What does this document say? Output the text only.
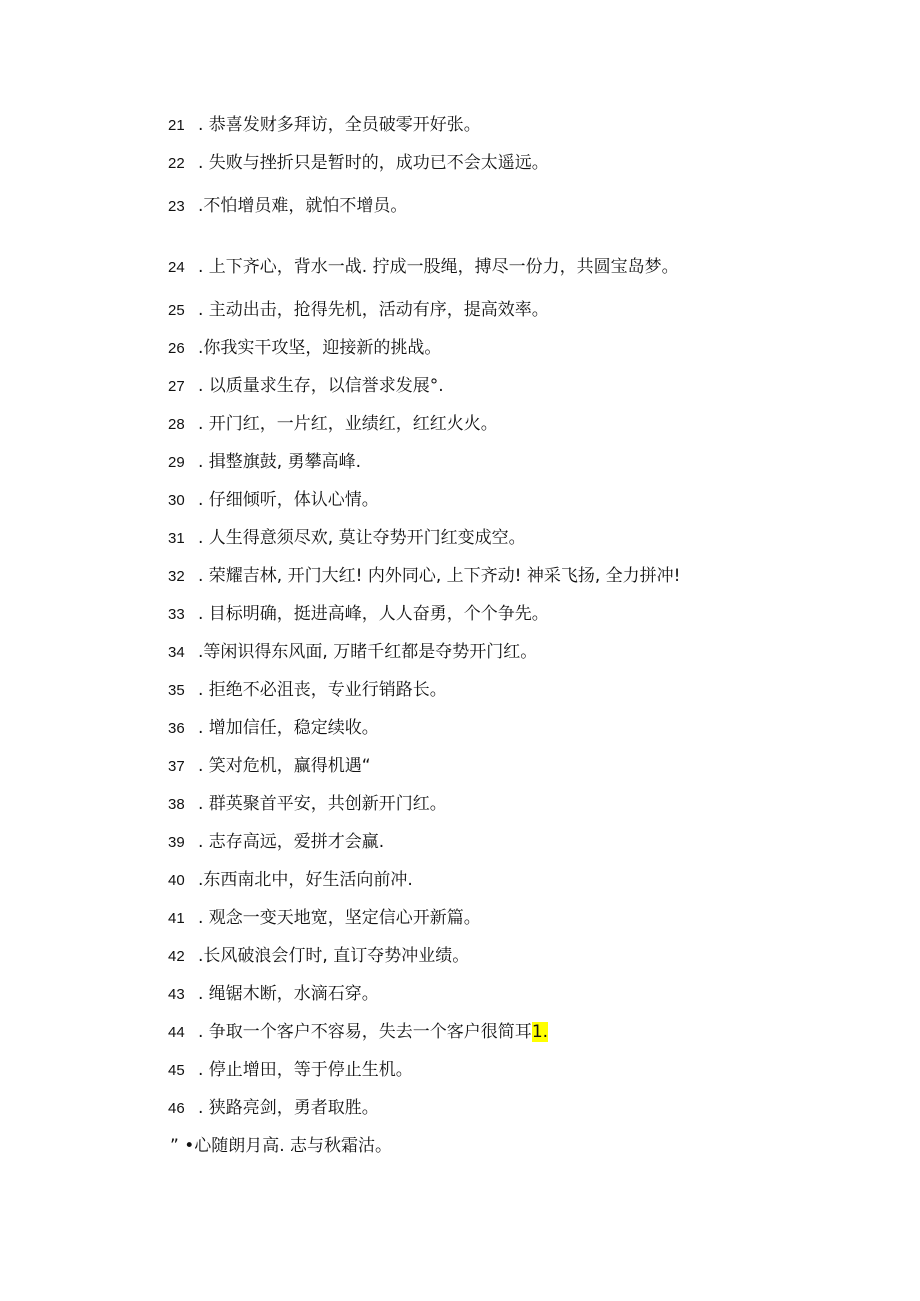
21 . 恭喜发财多拜访，全员破零开好张。
22 . 失败与挫折只是暂时的，成功已不会太遥远。
23 .不怕增员难，就怕不增员。
24 . 上下齐心，背水一战. 拧成一股绳，搏尽一份力，共圆宝岛梦。
25 . 主动出击，抢得先机，活动有序，提高效率。
26 .你我实干攻坚，迎接新的挑战。
27 . 以质量求生存，以信誉求发展°.
28 . 开门红，一片红，业绩红，红红火火。
29 . 揖整旗鼓, 勇攀高峰.
30 . 仔细倾听，体认心情。
31 . 人生得意须尽欢, 莫让夺势开门红变成空。
32 . 荣耀吉林, 开门大红! 内外同心, 上下齐动! 神采飞扬, 全力拼冲!
33 . 目标明确，挺进高峰，人人奋勇，个个争先。
34 .等闲识得东风面, 万睹千红都是夺势开门红。
35 . 拒绝不必沮丧，专业行销路长。
36 . 增加信任，稳定续收。
37 . 笑对危机，赢得机遇“
38 . 群英聚首平安，共创新开门红。
39 . 志存高远，爱拼才会赢.
40 .东西南北中，好生活向前冲.
41 . 观念一变天地宽，坚定信心开新篇。
42 .长风破浪会仃时, 直订夺势冲业绩。
43 . 绳锯木断，水滴石穿。
44 . 争取一个客户不容易，失去一个客户很简耳1.
45 . 停止增田，等于停止生机。
46 . 狭路亮剑，勇者取胜。
” •心随朗月高. 志与秋霜沽。
